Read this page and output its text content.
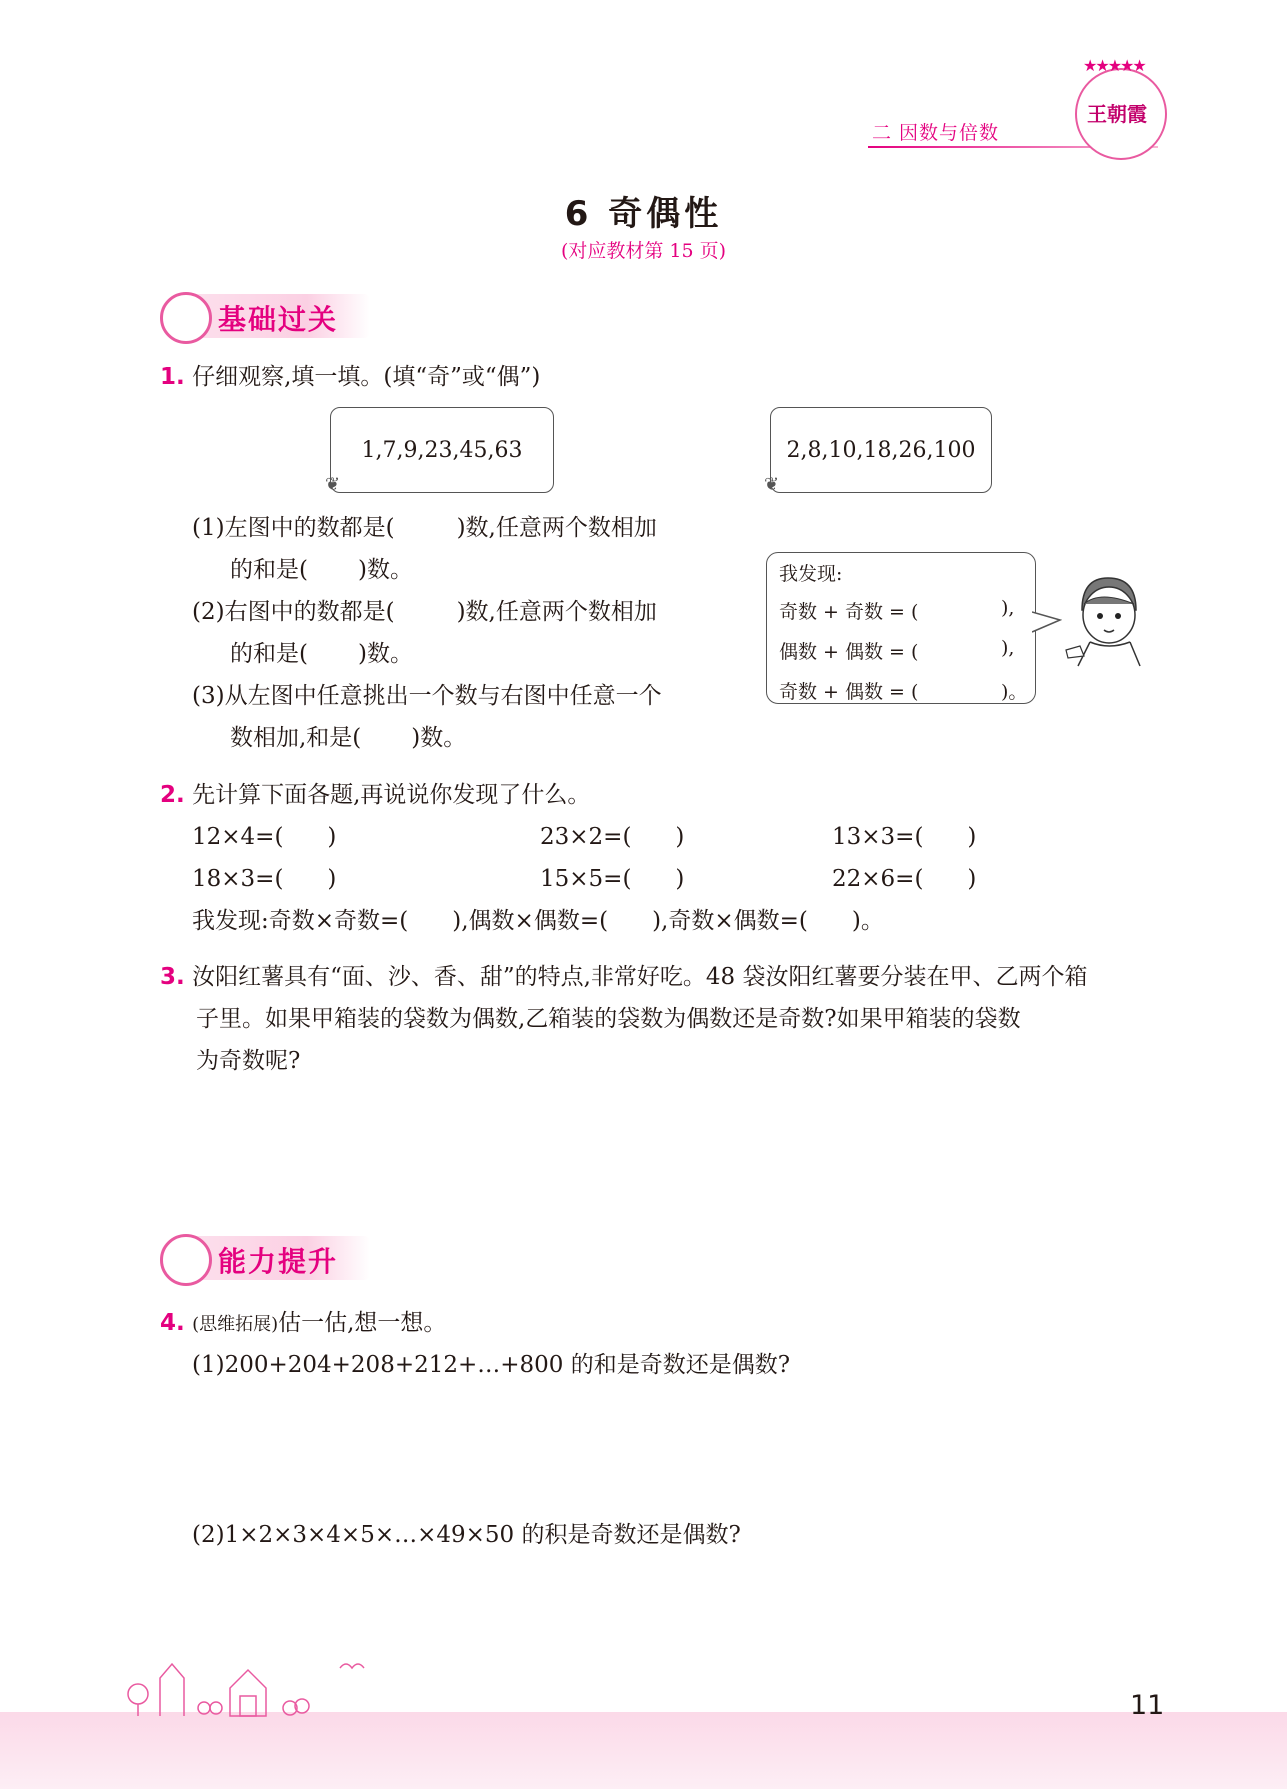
二 因数与倍数
★★★★★
王朝霞
6 奇偶性
(对应教材第 15 页)
基础过关
1. 仔细观察,填一填。(填“奇”或“偶”)
1,7,9,23,45,63
❦
2,8,10,18,26,100
❦
(1)左图中的数都是(	)数,任意两个数相加
的和是( )数。
(2)右图中的数都是(	)数,任意两个数相加
的和是( )数。
(3)从左图中任意挑出一个数与右图中任意一个
数相加,和是( )数。
我发现:
奇数 + 奇数 = (	),
偶数 + 偶数 = (	),
奇数 + 偶数 = (	)。
2. 先计算下面各题,再说说你发现了什么。
12×4=( )	23×2=( )	13×3=( )
18×3=( )	15×5=( )	22×6=( )
我发现:奇数×奇数=( ),偶数×偶数=( ),奇数×偶数=( )。
3. 汝阳红薯具有“面、沙、香、甜”的特点,非常好吃。48 袋汝阳红薯要分装在甲、乙两个箱
子里。如果甲箱装的袋数为偶数,乙箱装的袋数为偶数还是奇数?如果甲箱装的袋数
为奇数呢?
能力提升
4. (思维拓展)估一估,想一想。
(1)200+204+208+212+…+800 的和是奇数还是偶数?
(2)1×2×3×4×5×…×49×50 的积是奇数还是偶数?
11
